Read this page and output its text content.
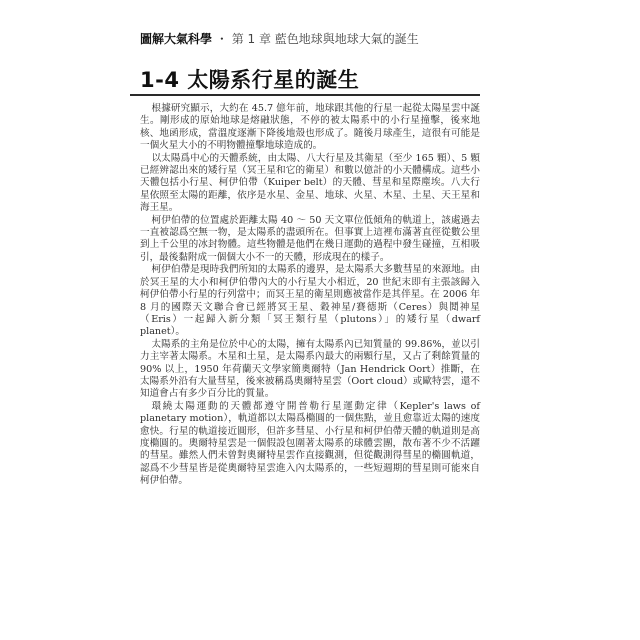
圖解大氣科學 ・ 第 1 章 藍色地球與地球大氣的誕生
1-4 太陽系行星的誕生

根據研究顯示，大約在 45.7 億年前，地球跟其他的行星一起從太陽星雲中誕生。剛形成的原始地球是熔融狀態，不停的被太陽系中的小行星撞擊，後來地核、地函形成，當溫度逐漸下降後地殼也形成了。隨後月球產生，這很有可能是一個火星大小的不明物體撞擊地球造成的。

以太陽爲中心的天體系統，由太陽、八大行星及其衛星（至少 165 顆）、5 顆已經辨認出來的矮行星（冥王星和它的衛星）和數以億計的小天體構成。這些小天體包括小行星、柯伊伯帶（Kuiper belt）的天體、彗星和星際塵埃。八大行星依照至太陽的距離，依序是水星、金星、地球、火星、木星、土星、天王星和海王星。

柯伊伯帶的位置處於距離太陽 40 ～ 50 天文單位低傾角的軌道上，該處過去一直被認爲空無一物，是太陽系的盡頭所在。但事實上這裡布滿著直徑從數公里到上千公里的冰封物體。這些物體是他們在幾日運動的過程中發生碰撞，互相吸引，最後黏附成一個個大小不一的天體，形成現在的樣子。

柯伊伯帶是現時我們所知的太陽系的邊界，是太陽系大多數彗星的來源地。由於冥王星的大小和柯伊伯帶內大的小行星大小相近，20 世紀末即有主張該歸入柯伊伯帶小行星的行列當中；而冥王星的衛星則應被當作是其伴星。在 2006 年 8 月的國際天文聯合會已經將冥王星、穀神星/賽德斯（Ceres）與鬩神星（Eris）一起歸入新分類「冥王類行星（plutons）」的矮行星（dwarf planet）。

太陽系的主角是位於中心的太陽，擁有太陽系內已知質量的 99.86%，並以引力主宰著太陽系。木星和土星，是太陽系內最大的兩顆行星，又占了剩餘質量的 90% 以上，1950 年荷蘭天文學家簡奧爾特（Jan Hendrick Oort）推斷，在太陽系外沿有大量彗星，後來被稱爲奧爾特星雲（Oort cloud）或歐特雲，還不知道會占有多少百分比的質量。

環繞太陽運動的天體都遵守開普勒行星運動定律（Kepler's laws of planetary motion），軌道都以太陽爲橢圓的一個焦點，並且愈靠近太陽的速度愈快。行星的軌道接近圓形，但許多彗星、小行星和柯伊伯帶天體的軌道則是高度橢圓的。奧爾特星雲是一個假設包圍著太陽系的球體雲團，散布著不少不活躍的彗星。雖然人們未曾對奧爾特星雲作直接觀測，但從觀測得彗星的橢圓軌道，認爲不少彗星皆是從奧爾特星雲進入內太陽系的，一些短週期的彗星則可能來自柯伊伯帶。
